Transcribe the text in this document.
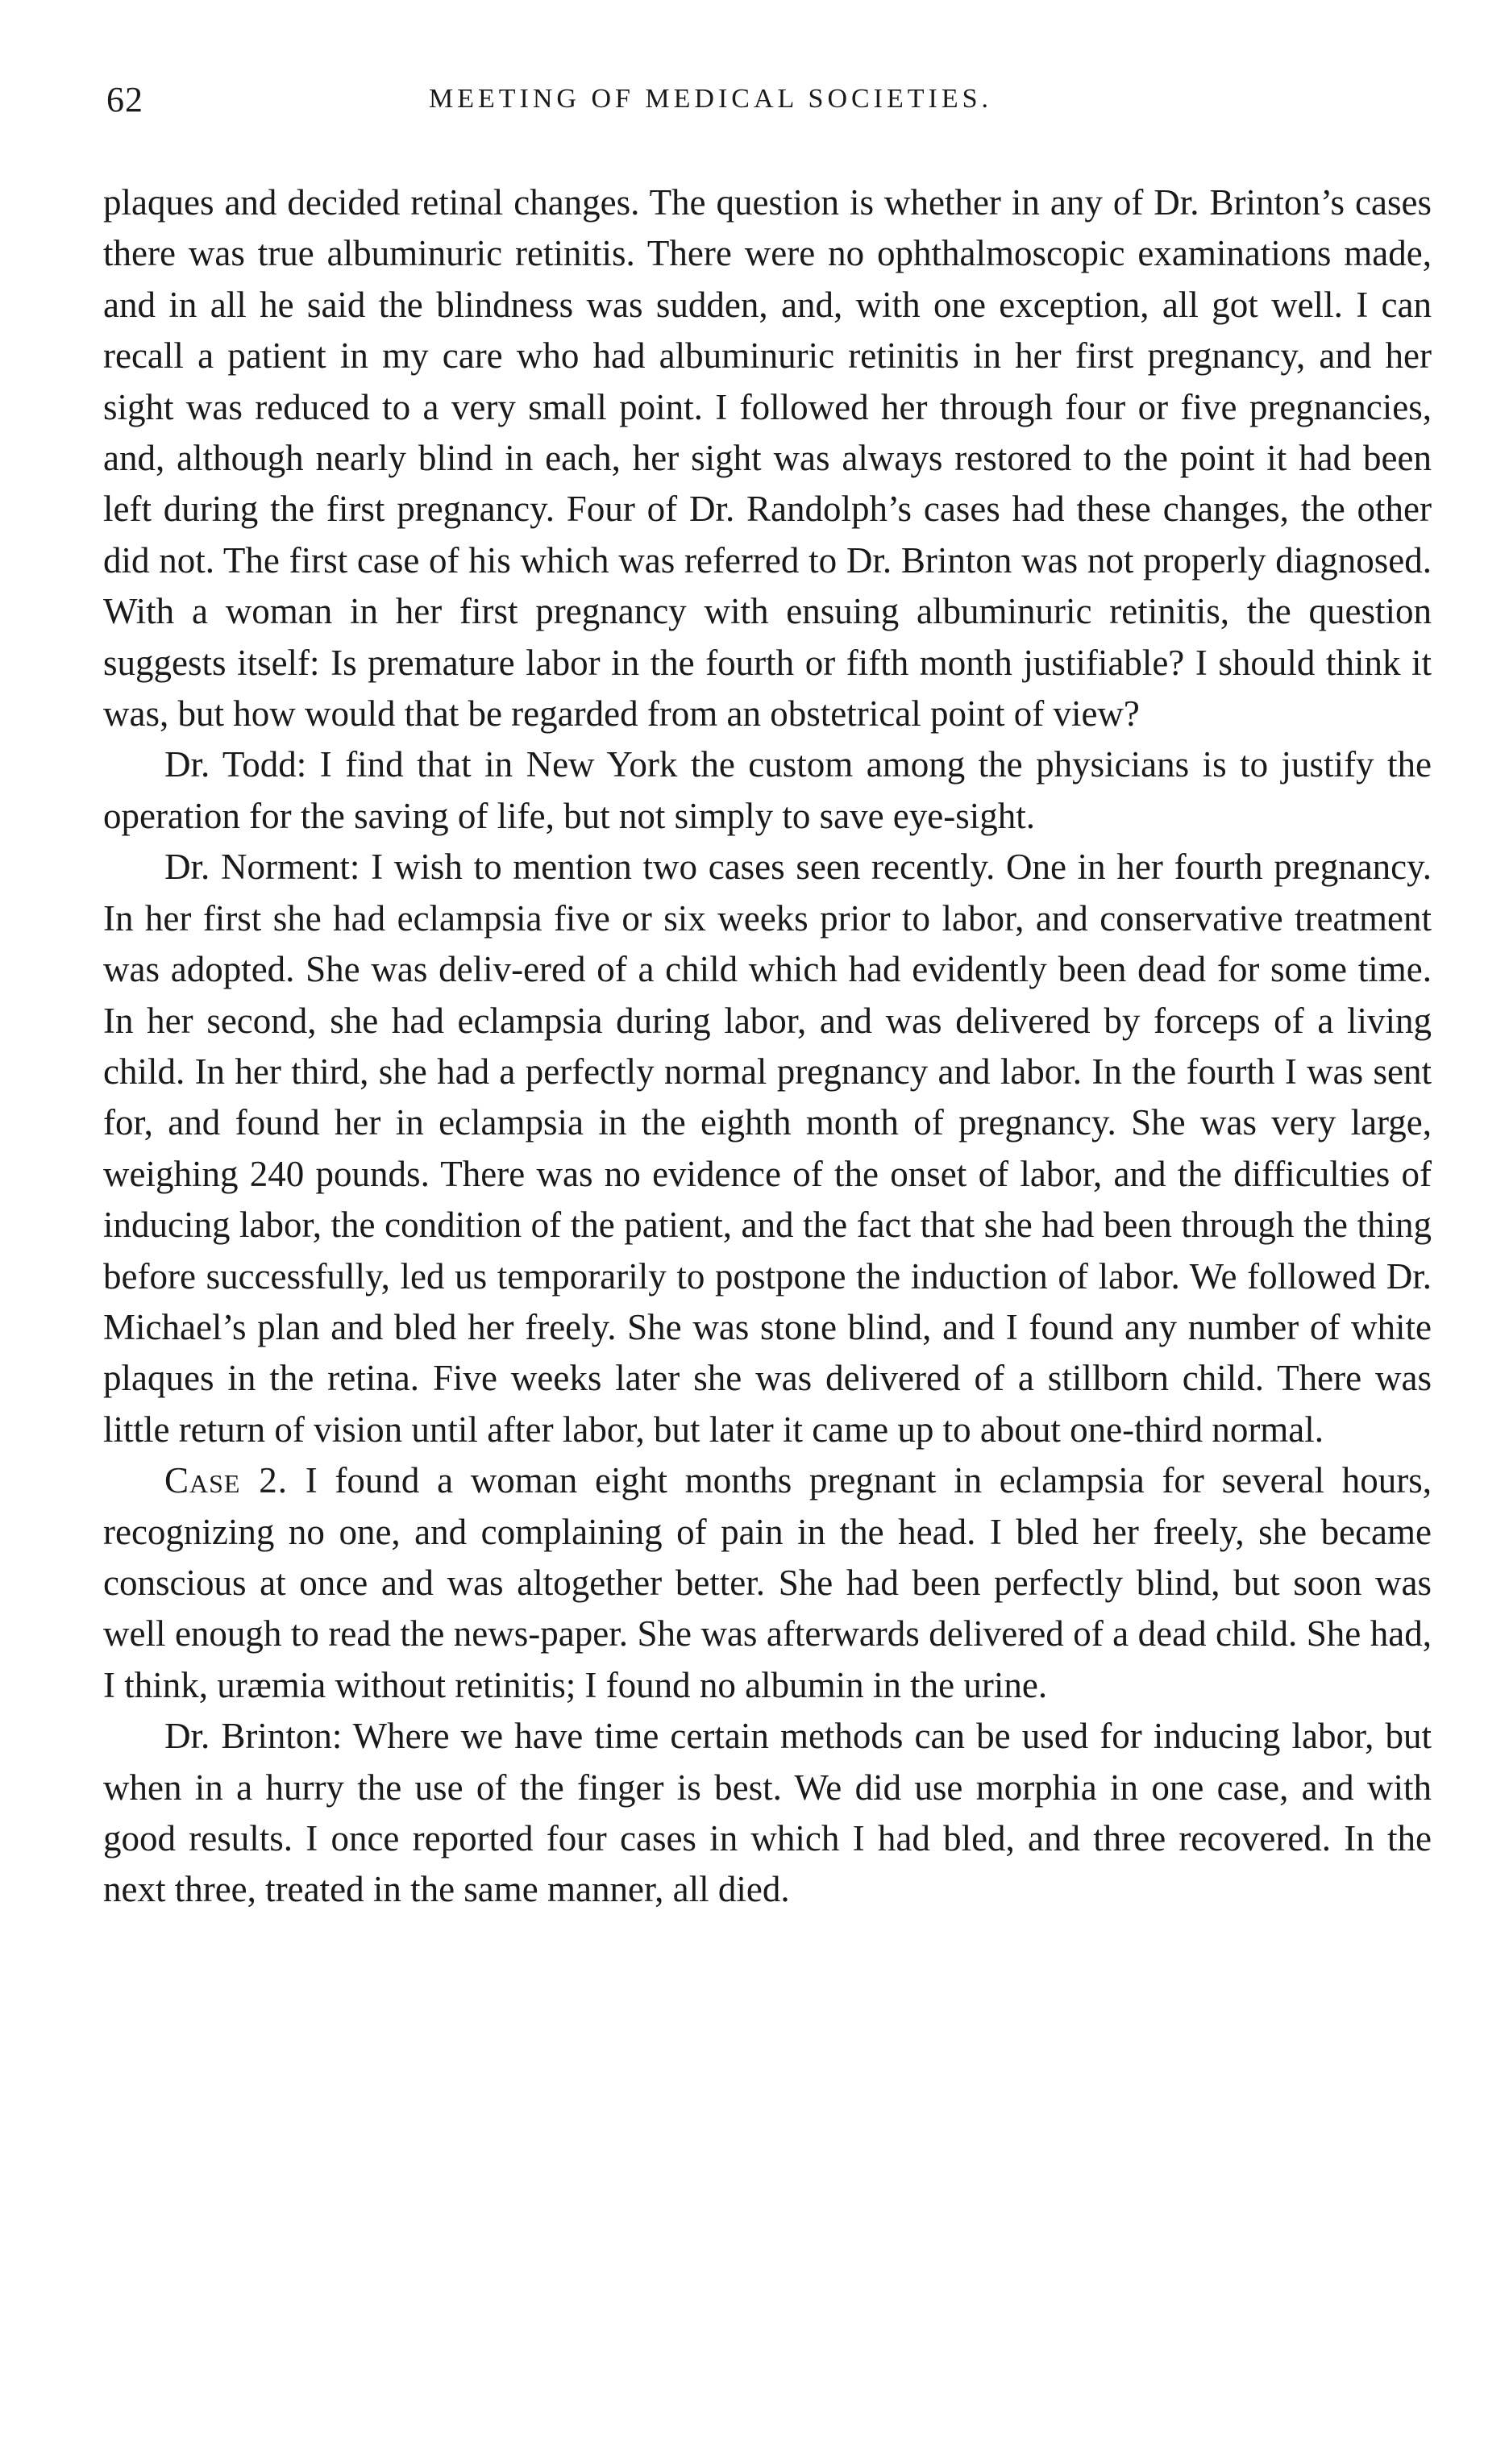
62	MEETING OF MEDICAL SOCIETIES.

plaques and decided retinal changes. The question is whether in any of Dr. Brinton’s cases there was true albuminuric retinitis. There were no ophthalmoscopic examinations made, and in all he said the blindness was sudden, and, with one exception, all got well. I can recall a patient in my care who had albuminuric retinitis in her first pregnancy, and her sight was reduced to a very small point. I followed her through four or five pregnancies, and, although nearly blind in each, her sight was always restored to the point it had been left during the first pregnancy. Four of Dr. Randolph’s cases had these changes, the other did not. The first case of his which was referred to Dr. Brinton was not properly diagnosed. With a woman in her first pregnancy with ensuing albuminuric retinitis, the question suggests itself: Is premature labor in the fourth or fifth month justifiable? I should think it was, but how would that be regarded from an obstetrical point of view?

Dr. Todd: I find that in New York the custom among the physicians is to justify the operation for the saving of life, but not simply to save eye-sight.

Dr. Norment: I wish to mention two cases seen recently. One in her fourth pregnancy. In her first she had eclampsia five or six weeks prior to labor, and conservative treatment was adopted. She was deliv-ered of a child which had evidently been dead for some time. In her second, she had eclampsia during labor, and was delivered by forceps of a living child. In her third, she had a perfectly normal pregnancy and labor. In the fourth I was sent for, and found her in eclampsia in the eighth month of pregnancy. She was very large, weighing 240 pounds. There was no evidence of the onset of labor, and the difficulties of inducing labor, the condition of the patient, and the fact that she had been through the thing before successfully, led us temporarily to postpone the induction of labor. We followed Dr. Michael’s plan and bled her freely. She was stone blind, and I found any number of white plaques in the retina. Five weeks later she was delivered of a stillborn child. There was little return of vision until after labor, but later it came up to about one-third normal.

Case 2. I found a woman eight months pregnant in eclampsia for several hours, recognizing no one, and complaining of pain in the head. I bled her freely, she became conscious at once and was altogether better. She had been perfectly blind, but soon was well enough to read the news-paper. She was afterwards delivered of a dead child. She had, I think, uræmia without retinitis; I found no albumin in the urine.

Dr. Brinton: Where we have time certain methods can be used for inducing labor, but when in a hurry the use of the finger is best. We did use morphia in one case, and with good results. I once reported four cases in which I had bled, and three recovered. In the next three, treated in the same manner, all died.
